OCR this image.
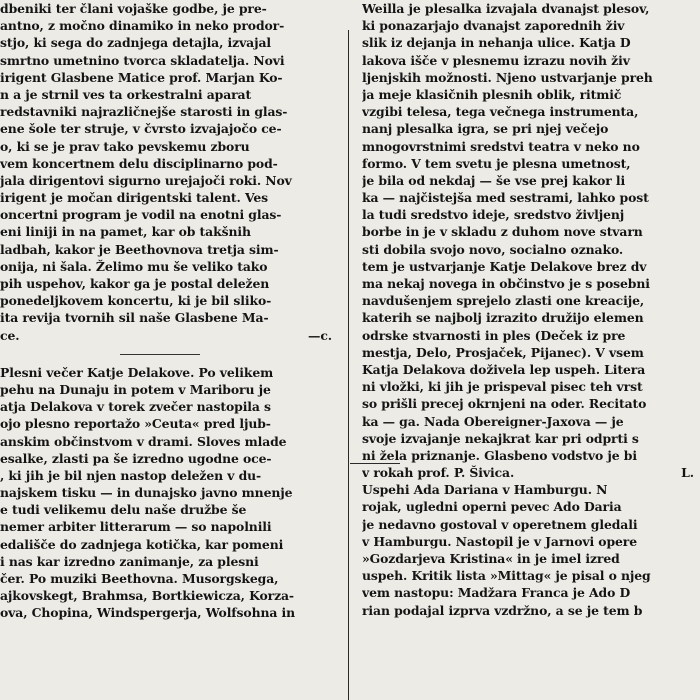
dbeniki ter člani vojaške godbe, je pre-
antno, z močno dinamiko in neko prodor-
stjo, ki sega do zadnjega detajla, izvajal
smrtno umetnino tvorca skladatelja. Novi
irigent Glasbene Matice prof. Marjan Ko-
n a je strnil ves ta orkestralni aparat
redstavniki najrazličnejše starosti in glas-
ene šole ter struje, v čvrsto izvajajočo ce-
o, ki se je prav tako pevskemu zboru
vem koncertnem delu disciplinarno pod-
jala dirigentovi sigurno urejajoči roki. Nov
irigent je močan dirigentski talent. Ves
oncertni program je vodil na enotni glas-
eni liniji in na pamet, kar ob takšnih
ladbah, kakor je Beethovnova tretja sim-
onija, ni šala. Želimo mu še veliko tako
pih uspehov, kakor ga je postal deležen
ponedeljkovem koncertu, ki je bil sliko-
ita revija tvornih sil naše Glasbene Ma-
ce.	—c.
Plesni večer Katje Delakove. Po velikem
pehu na Dunaju in potem v Mariboru je
atja Delakova v torek zvečer nastopila s
ojo plesno reportažo »Ceuta« pred ljub-
anskim občinstvom v drami. Sloves mlade
esalke, zlasti pa še izredno ugodne oce-
, ki jih je bil njen nastop deležen v du-
najskem tisku — in dunajsko javno mnenje
e tudi velikemu delu naše družbe še
nemer arbiter litterarum — so napolnili
edališče do zadnjega kotička, kar pomeni
i nas kar izredno zanimanje, za plesni
čer. Po muziki Beethovna. Musorgskega,
ajkovskegt, Brahmsa, Bortkiewicza, Korza-
ova, Chopina, Windspergerja, Wolfsohna in
Weilla je plesalka izvajala dvanajst plesov,
ki ponazarjajo dvanajst zaporednih živ
slik iz dejanja in nehanja ulice. Katja D
lakova išče v plesnemu izrazu novih živ
ljenjskih možnosti. Njeno ustvarjanje preh
ja meje klasičnih plesnih oblik, ritmič
vzgibi telesa, tega večnega instrumenta,
nanj plesalka igra, se pri njej večejo
mnogovrstnimi sredstvi teatra v neko no
formo. V tem svetu je plesna umetnost,
je bila od nekdaj — še vse prej kakor li
ka — najčistejša med sestrami, lahko post
la tudi sredstvo ideje, sredstvo življenj
borbe in je v skladu z duhom nove stvarn
sti dobila svojo novo, socialno oznako.
tem je ustvarjanje Katje Delakove brez dv
ma nekaj novega in občinstvo je s posebni
navdušenjem sprejelo zlasti one kreacije,
katerih se najbolj izrazito družijo elemen
odrske stvarnosti in ples (Deček iz pre
mestja, Delo, Prosjaček, Pijanec). V vsem
Katja Delakova doživela lep uspeh. Litera
ni vložki, ki jih je prispeval pisec teh vrst
so prišli precej okrnjeni na oder. Recitato
ka — ga. Nada Obereigner-Jaxova — je
svoje izvajanje nekajkrat kar pri odprti s
ni žela priznanje. Glasbeno vodstvo je bi
v rokah prof. P. Šivica.	L.
Uspehi Ada Dariana v Hamburgu. N
rojak, ugledni operni pevec Ado Daria
je nedavno gostoval v operetnem gledali
v Hamburgu. Nastopil je v Jarnovi opere
»Gozdarjeva Kristina« in je imel izred
uspeh. Kritik lista »Mittag« je pisal o njeg
vem nastopu: Madžara Franca je Ado D
rian podajal izprva vzdržno, a se je tem b
